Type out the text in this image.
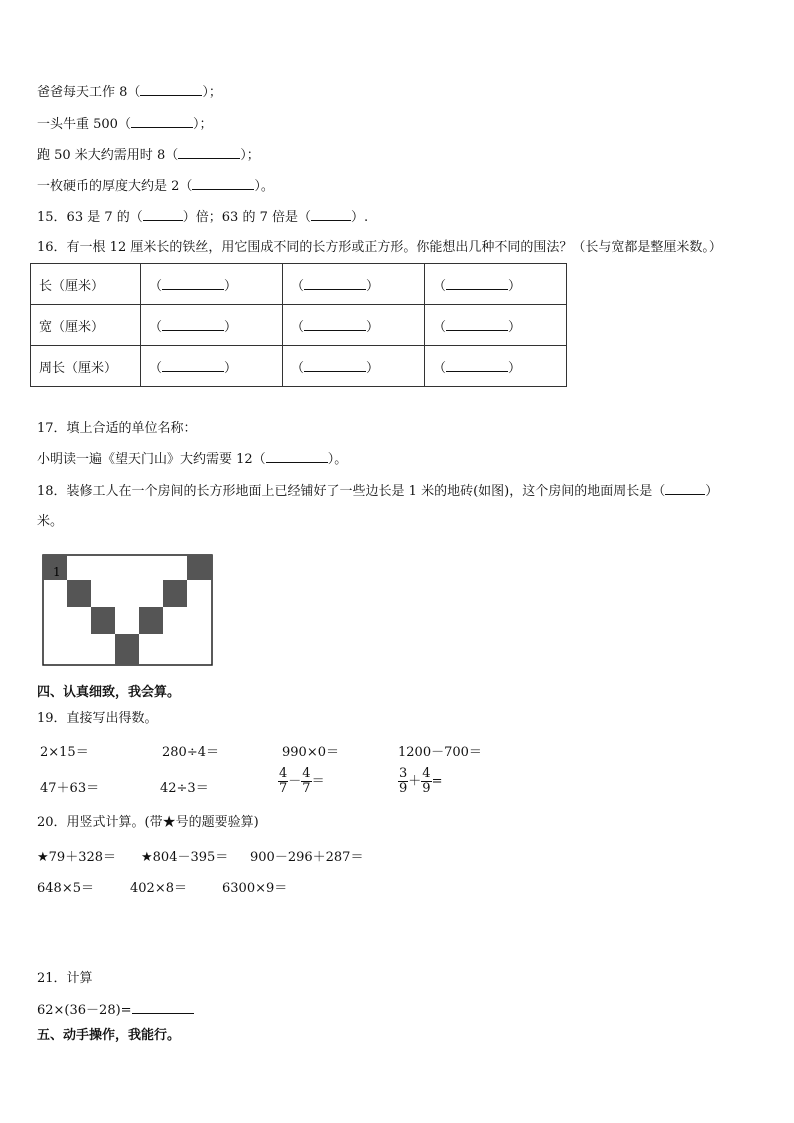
爸爸每天工作 8（	）；
一头牛重 500（	）；
跑 50 米大约需用时 8（	）；
一枚硬币的厚度大约是 2（	）。
15．63 是 7 的（	）倍；63 的 7 倍是（	）.
16．有一根 12 厘米长的铁丝，用它围成不同的长方形或正方形。你能想出几种不同的围法？（长与宽都是整厘米数。）
长（厘米）	（ ）	（ ）	（ ）
宽（厘米）	（ ）	（ ）	（ ）
周长（厘米）	（ ）	（ ）	（ ）
17．填上合适的单位名称：
小明读一遍《望天门山》大约需要 12（	）。
18．装修工人在一个房间的长方形地面上已经铺好了一些边长是 1 米的地砖(如图)，这个房间的地面周长是（	）
米。
1
四、认真细致，我会算。
19．直接写出得数。
2×15＝	280÷4＝	990×0＝	1200－700＝
47＋63＝	42÷3＝	$\frac{4}{7} - \frac{4}{7}$ ＝	$\frac{3}{9} + \frac{4}{9}$ =
20．用竖式计算。(带★号的题要验算)
★79＋328＝ ★804－395＝ 900－296＋287＝
648×5＝	402×8＝	6300×9＝
21．计算
62×(36－28)=
五、动手操作，我能行。
